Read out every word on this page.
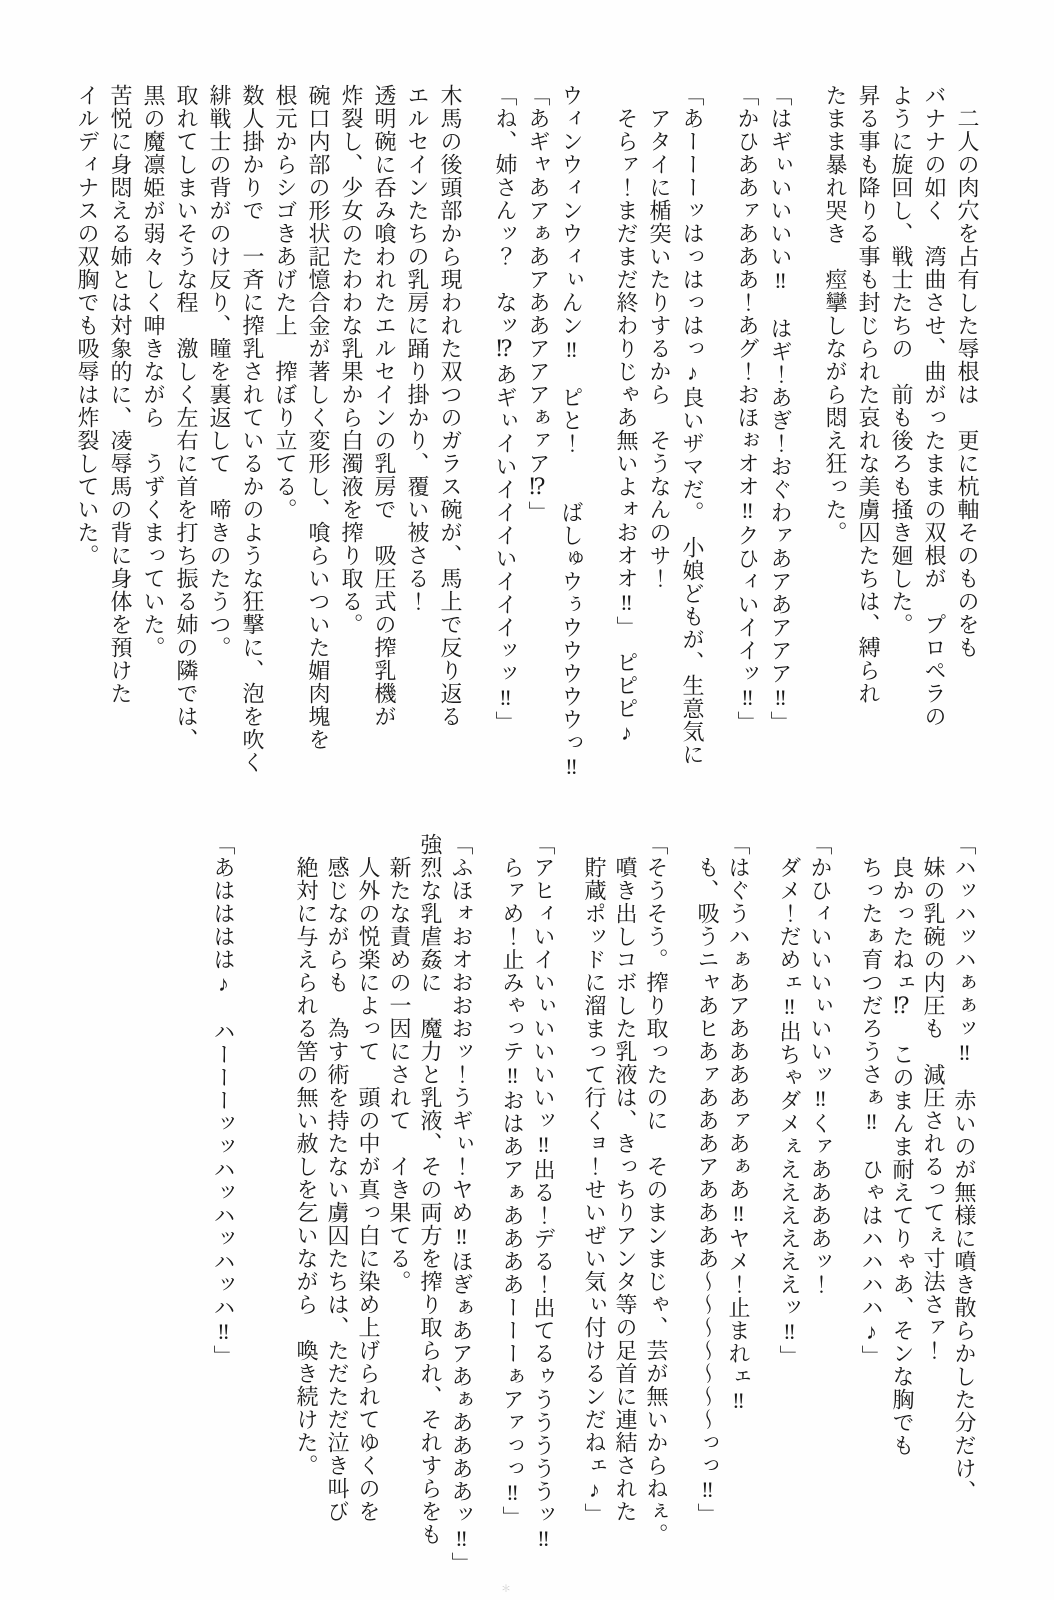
　二人の肉穴を占有した辱根は　更に杭軸そのものをも
バナナの如く　湾曲させ、曲がったままの双根が　プロペラの
ように旋回し、戦士たちの　前も後ろも掻き廻した。
昇る事も降りる事も封じられた哀れな美虜囚たちは、縛られ
たまま暴れ哭き　痙攣しながら悶え狂った。
「はギぃいいいい‼　はギ！あぎ！おぐわァあアあアアア‼」
「かひああァあああ！あグ！おほぉオオ‼クひィいイイッ‼」
「あーーーッはっはっはっ♪良いザマだ。　小娘どもが、生意気に
　アタイに楯突いたりするから　そうなんのサ！
　そらァ！まだまだ終わりじゃあ無いよォおオオ‼」　ピピピ♪
ウィンウィンウィぃんン‼　ピと！　　ばしゅウぅウウウウウっ‼
「あギャあアぁあアああアアアぁァア⁉」
「ね、姉さんッ？　なッ⁉あギぃイいイイイいイイイッッ‼」
木馬の後頭部から現われた双つのガラス碗が、馬上で反り返る
エルセインたちの乳房に踊り掛かり、覆い被さる！
透明碗に呑み喰われたエルセインの乳房で　吸圧式の搾乳機が
炸裂し、少女のたわわな乳果から白濁液を搾り取る。
碗口内部の形状記憶合金が著しく変形し、喰らいついた媚肉塊を
根元からシゴきあげた上　搾ぼり立てる。
数人掛かりで　一斉に搾乳されているかのような狂撃に、泡を吹く
緋戦士の背がのけ反り、瞳を裏返して　啼きのたうつ。
取れてしまいそうな程　激しく左右に首を打ち振る姉の隣では、
黒の魔凛姫が弱々しく呻きながら　うずくまっていた。
苦悦に身悶える姉とは対象的に、凌辱馬の背に身体を預けた
イルディナスの双胸でも吸辱は炸裂していた。
「ハッハッハぁぁッ‼　赤いのが無様に噴き散らかした分だけ、
　妹の乳碗の内圧も　減圧されるってぇ寸法さァ！
　良かったねェ⁉　このまんま耐えてりゃあ、そンな胸でも
　ちったぁ育つだろうさぁ‼　ひゃはハハハハ♪」
「かひィいいいぃいいッ‼くァああああッ！
　ダメ！だめェ‼出ちゃダメぇええええええッ‼」
「はぐうハぁあアああああァあぁあ‼ヤメ！止まれェ‼
　も、吸うニャあヒあァあああアああああ〜〜〜〜〜〜〜っっ‼」
「そうそう。搾り取ったのに　そのまンまじゃ、芸が無いからねぇ。
　噴き出しコボした乳液は、きっちりアンタ等の足首に連結された
　貯蔵ポッドに溜まって行くョ！せいぜい気ぃ付けるンだねェ♪」
「アヒィいイいぃいいいいッ‼出る！デる！出てるゥうううううッ‼
　らァめ！止みゃっテ‼おはあアぁああああーーーぁアァっっ‼」
「ふほォおオおおおッ！うギぃ！ヤめ‼ほぎぁあアあぁああああッ‼」
強烈な乳虐姦に　魔力と乳液、その両方を搾り取られ、それすらをも
　新たな責めの一因にされて　イき果てる。
　人外の悦楽によって　頭の中が真っ白に染め上げられてゆくのを
　感じながらも　為す術を持たない虜囚たちは、ただただ泣き叫び
　絶対に与えられる筈の無い赦しを乞いながら　喚き続けた。
「あはははは♪　ハーーーッッハッハッハッハ‼」
＊
